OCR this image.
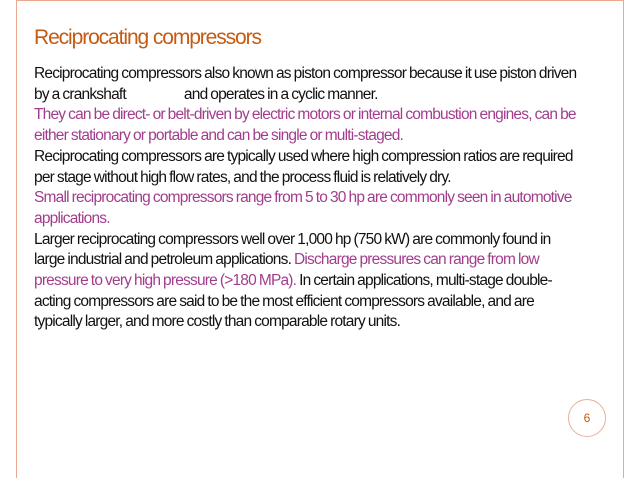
Reciprocating compressors

Reciprocating compressors also known as piston compressor because it use piston driven by a crankshaft	and operates in a cyclic manner.

They can be direct- or belt-driven by electric motors or internal combustion engines, can be either stationary or portable and can be single or multi-staged.

Reciprocating compressors are typically used where high compression ratios are required per stage without high flow rates, and the process fluid is relatively dry.

Small reciprocating compressors range from 5 to 30 hp are commonly seen in automotive applications.

Larger reciprocating compressors well over 1,000 hp (750 kW) are commonly found in large industrial and petroleum applications. Discharge pressures can range from low pressure to very high pressure (>180 MPa). In certain applications, multi-stage double-acting compressors are said to be the most efficient compressors available, and are typically larger, and more costly than comparable rotary units.

6
